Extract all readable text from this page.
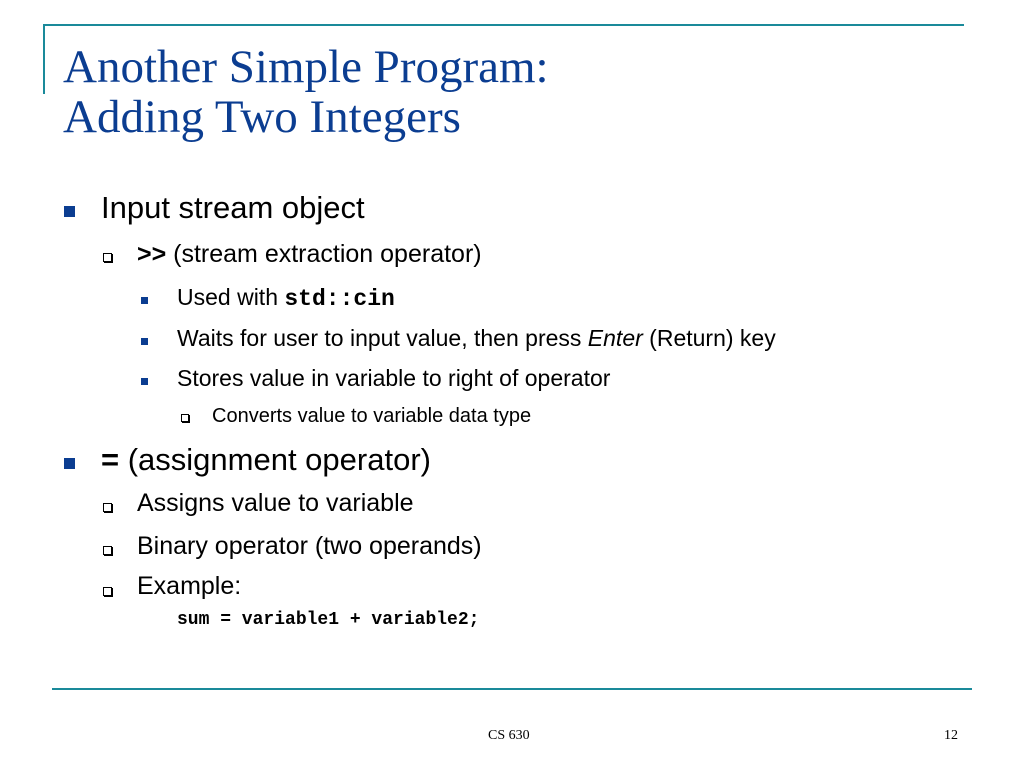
Another Simple Program:
Adding Two Integers
Input stream object
>> (stream extraction operator)
Used with std::cin
Waits for user to input value, then press Enter (Return) key
Stores value in variable to right of operator
Converts value to variable data type
= (assignment operator)
Assigns value to variable
Binary operator (two operands)
Example:
sum = variable1 + variable2;
CS 630	12
